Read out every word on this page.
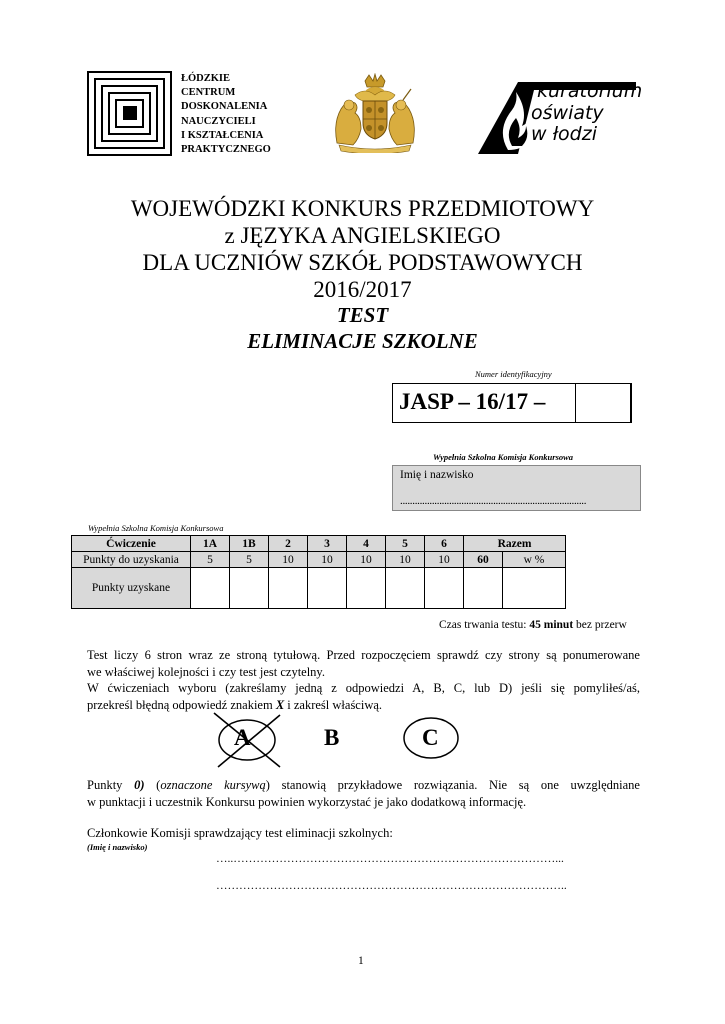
ŁÓDZKIE
CENTRUM
DOSKONALENIA
NAUCZYCIELI
I KSZTAŁCENIA
PRAKTYCZNEGO
kuratorium
oświaty
w łodzi
WOJEWÓDZKI KONKURS PRZEDMIOTOWY
z JĘZYKA ANGIELSKIEGO
DLA UCZNIÓW SZKÓŁ PODSTAWOWYCH
2016/2017
TEST
ELIMINACJE SZKOLNE
Numer identyfikacyjny
JASP – 16/17 –
Wypełnia Szkolna Komisja Konkursowa
Imię i nazwisko
............................................................................
Wypełnia Szkolna Komisja Konkursowa
Ćwiczenie	1A	1B	2	3	4	5	6	Razem	
Punkty do uzyskania	5	5	10	10	10	10	10	60	w %
Punkty uzyskane									
Czas trwania testu: 45 minut bez przerw
Test liczy 6 stron wraz ze stroną tytułową. Przed rozpoczęciem sprawdź czy strony są ponumerowane
we właściwej kolejności i czy test jest czytelny.
W ćwiczeniach wyboru (zakreślamy jedną z odpowiedzi A, B, C, lub D) jeśli się pomyliłeś/aś,
przekreśl błędną odpowiedź znakiem X i zakreśl właściwą.
A	B	C
Punkty 0) (oznaczone kursywą) stanowią przykładowe rozwiązania. Nie są one uwzględniane
w punktacji i uczestnik Konkursu powinien wykorzystać je jako dodatkową informację.
Członkowie Komisji sprawdzający test eliminacji szkolnych:
(Imię i nazwisko)
…..…………………………………………………………………………...
………………………………………………………………………………..
1
